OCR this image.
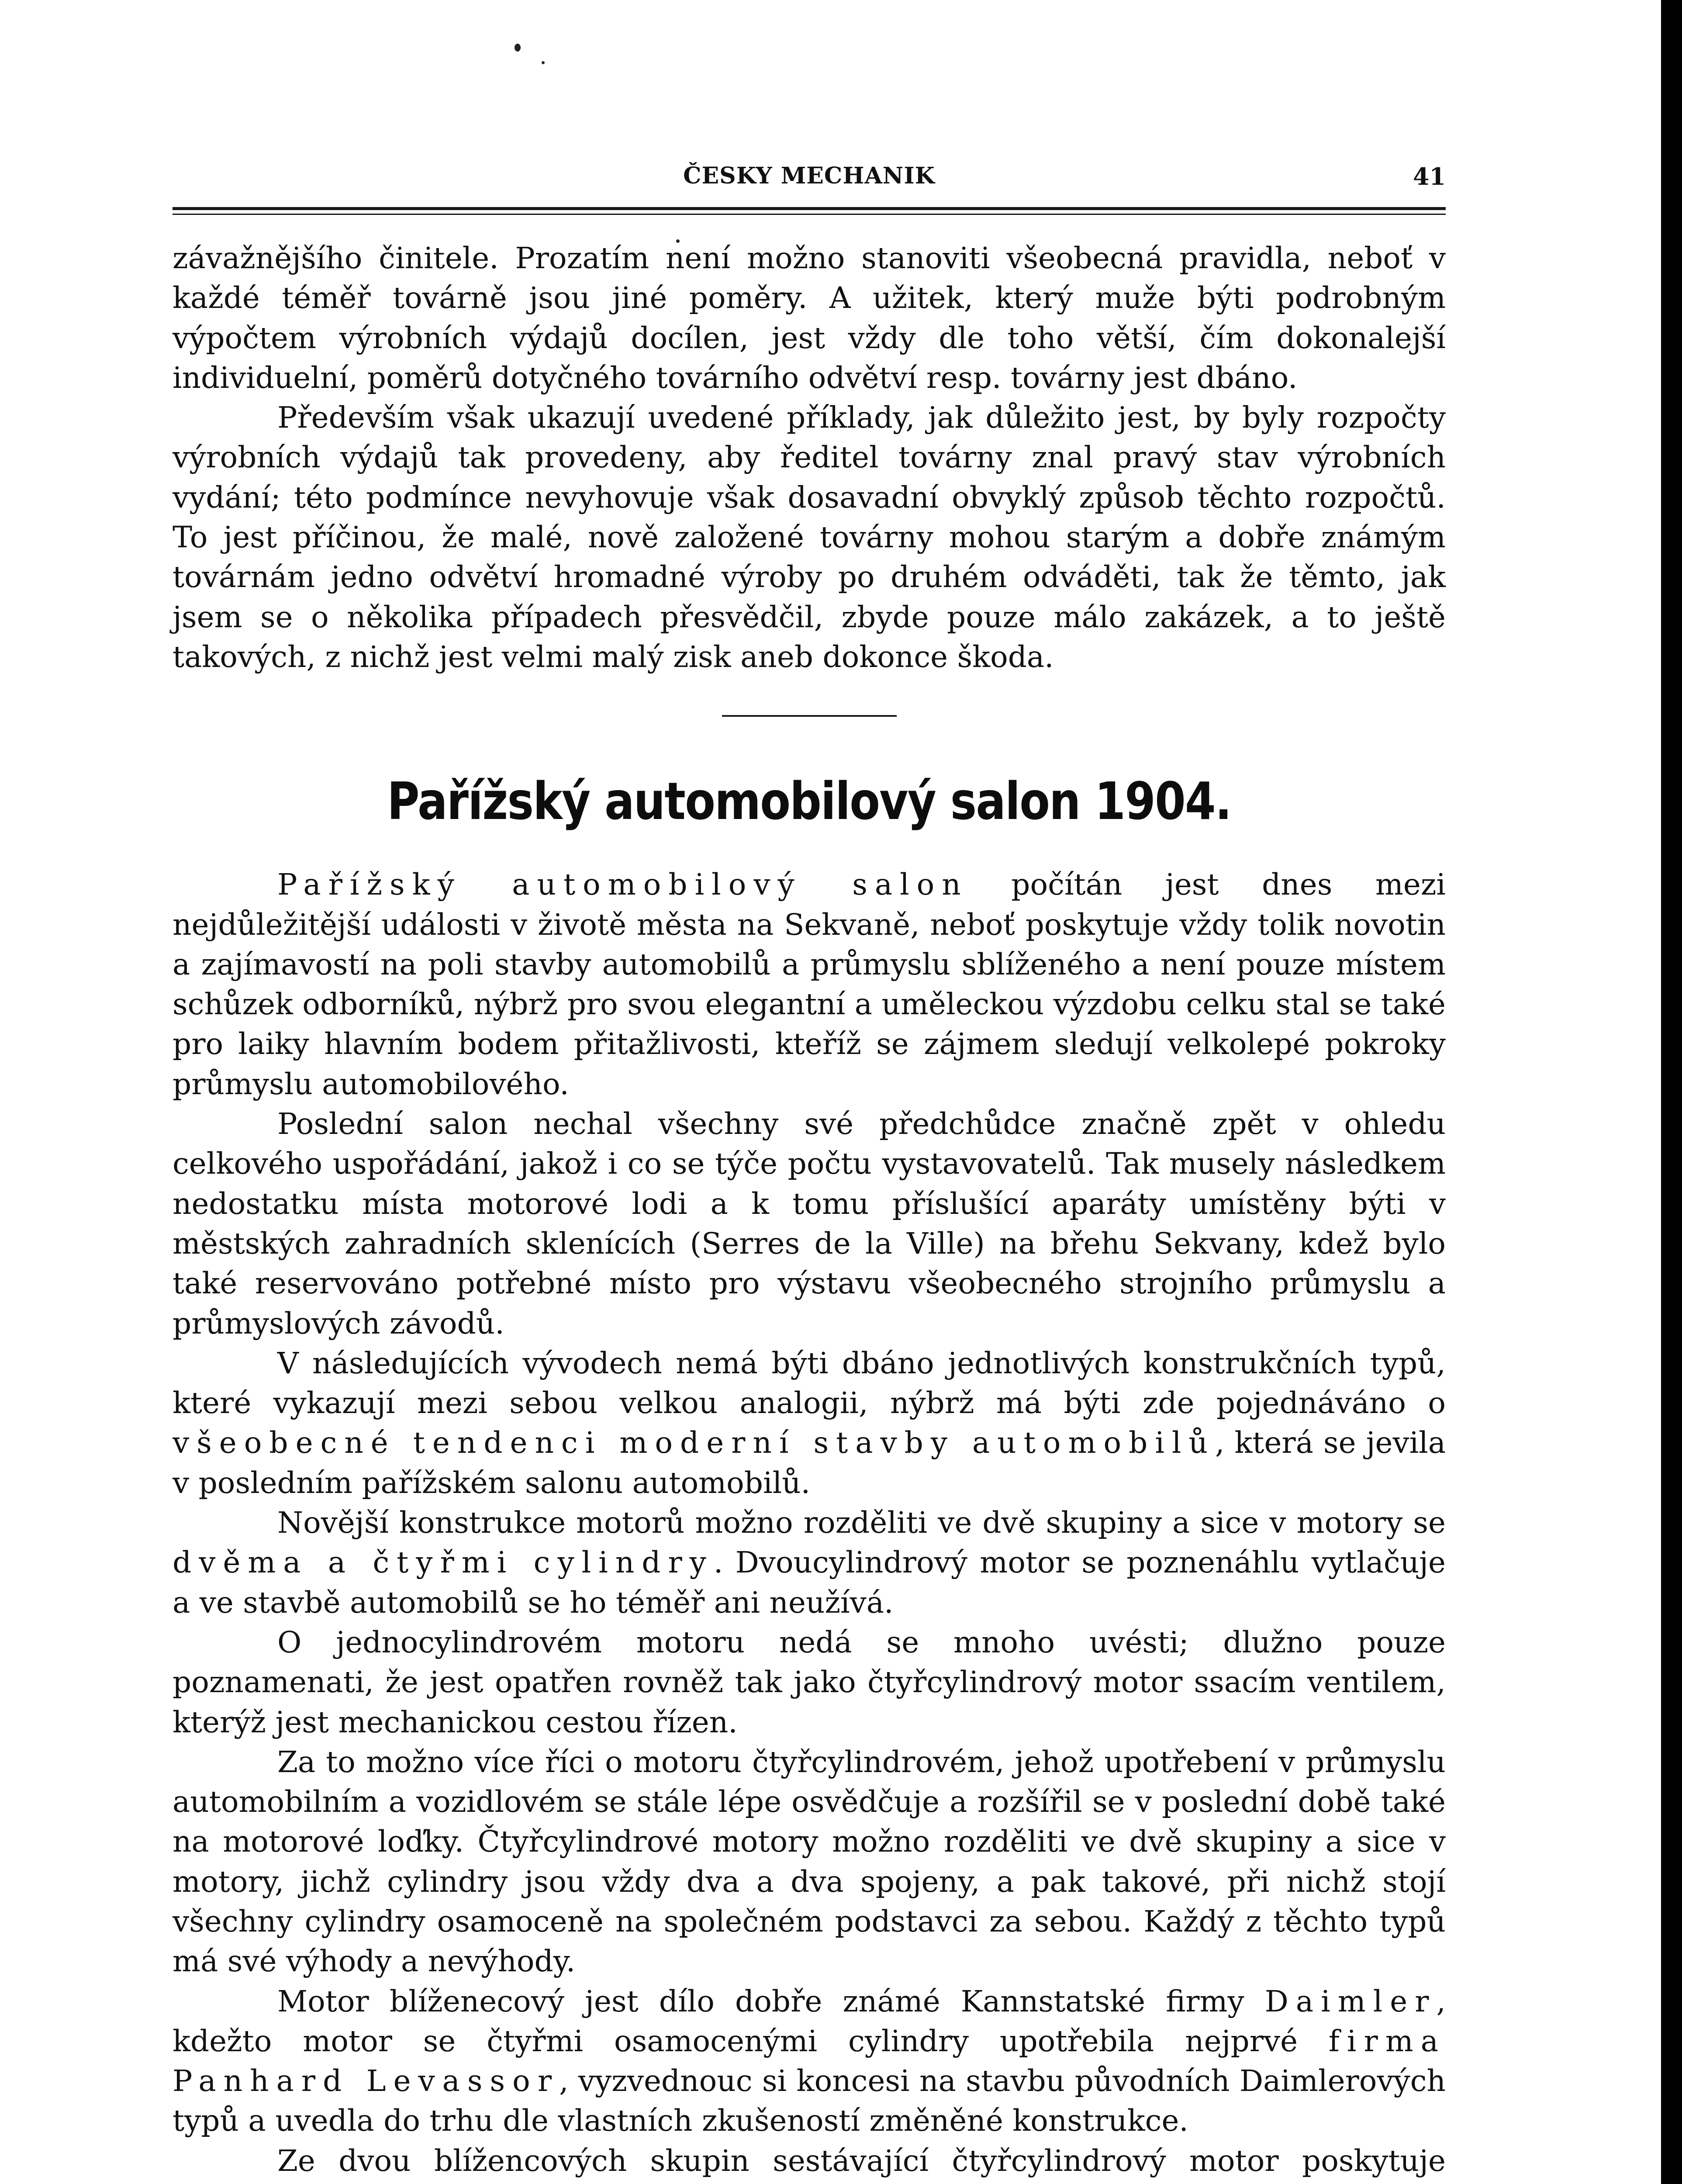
ČESKY MECHANIK	41

závažnějšího činitele. Prozatím není možno stanoviti všeobecná pravidla, neboť v každé téměř továrně jsou jiné poměry. A užitek, který muže býti podrobným výpočtem výrobních výdajů docílen, jest vždy dle toho větší, čím dokonalejší individuelní, poměrů dotyčného továrního odvětví resp. továrny jest dbáno.

Především však ukazují uvedené příklady, jak důležito jest, by byly rozpočty výrobních výdajů tak provedeny, aby ředitel továrny znal pravý stav výrobních vydání; této podmínce nevyhovuje však dosavadní obvyklý způsob těchto rozpočtů. To jest příčinou, že malé, nově založené továrny mohou starým a dobře známým továrnám jedno odvětví hromadné výroby po druhém odváděti, tak že těmto, jak jsem se o několika případech přesvědčil, zbyde pouze málo zakázek, a to ještě takových, z nichž jest velmi malý zisk aneb dokonce škoda.

Pařížský automobilový salon 1904.

Pařížský automobilový salon počítán jest dnes mezi nejdůležitější události v životě města na Sekvaně, neboť poskytuje vždy tolik novotin a zajímavostí na poli stavby automobilů a průmyslu sblíženého a není pouze místem schůzek odborníků, nýbrž pro svou elegantní a uměleckou výzdobu celku stal se také pro laiky hlavním bodem přitažlivosti, kteříž se zájmem sledují velkolepé pokroky průmyslu automobilového.

Poslední salon nechal všechny své předchůdce značně zpět v ohledu celkového uspořádání, jakož i co se týče počtu vystavovatelů. Tak musely následkem nedostatku místa motorové lodi a k tomu příslušící aparáty umístěny býti v městských zahradních sklenících (Serres de la Ville) na břehu Sekvany, kdež bylo také reservováno potřebné místo pro výstavu všeobecného strojního průmyslu a průmyslových závodů.

V následujících vývodech nemá býti dbáno jednotlivých konstrukčních typů, které vykazují mezi sebou velkou analogii, nýbrž má býti zde pojednáváno o všeobecné tendenci moderní stavby automobilů, která se jevila v posledním pařížském salonu automobilů.

Novější konstrukce motorů možno rozděliti ve dvě skupiny a sice v motory se dvěma a čtyřmi cylindry. Dvoucylindrový motor se poznenáhlu vytlačuje a ve stavbě automobilů se ho téměř ani neužívá.

O jednocylindrovém motoru nedá se mnoho uvésti; dlužno pouze poznamenati, že jest opatřen rovněž tak jako čtyřcylindrový motor ssacím ventilem, kterýž jest mechanickou cestou řízen.

Za to možno více říci o motoru čtyřcylindrovém, jehož upotřebení v průmyslu automobilním a vozidlovém se stále lépe osvědčuje a rozšířil se v poslední době také na motorové loďky. Čtyřcylindrové motory možno rozděliti ve dvě skupiny a sice v motory, jichž cylindry jsou vždy dva a dva spojeny, a pak takové, při nichž stojí všechny cylindry osamoceně na společném podstavci za sebou. Každý z těchto typů má své výhody a nevýhody.

Motor blíženecový jest dílo dobře známé Kannstatské firmy Daimler, kdežto motor se čtyřmi osamocenými cylindry upotřebila nejprvé firma Panhard Levassor, vyzvednouc si koncesi na stavbu původních Daimlerových typů a uvedla do trhu dle vlastních zkušeností změněné konstrukce.

Ze dvou blížencových skupin sestávající čtyřcylindrový motor poskytuje
